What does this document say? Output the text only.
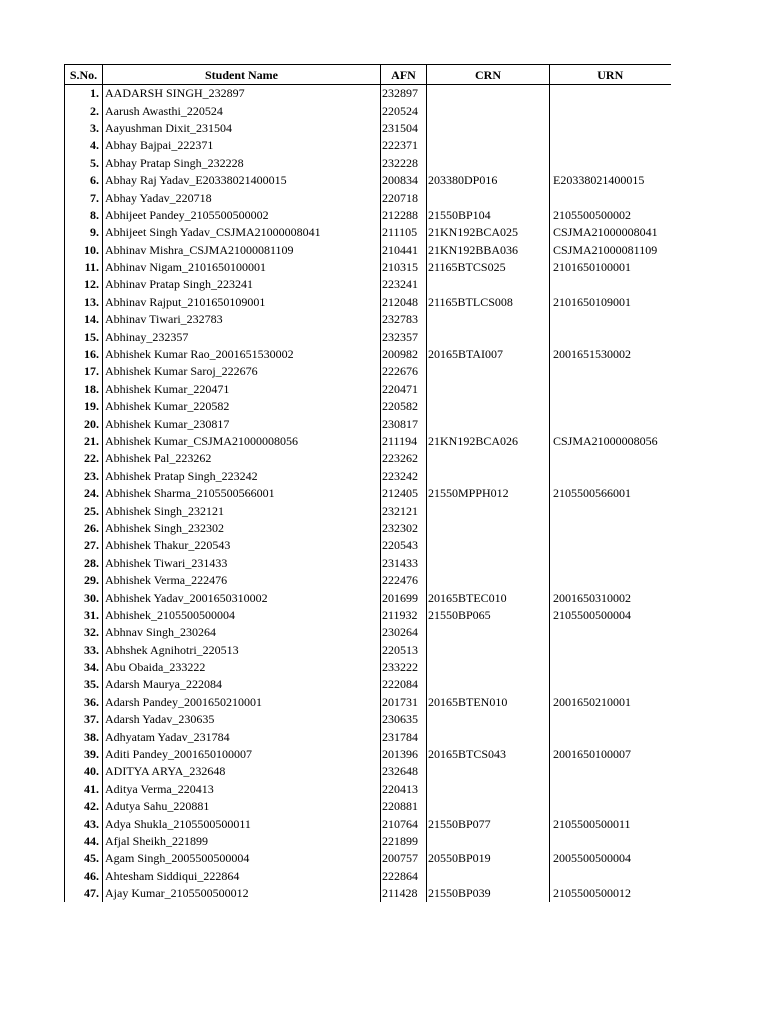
S.No.	Student Name	AFN	CRN	URN
1.	AADARSH SINGH_232897	232897		
2.	Aarush Awasthi_220524	220524		
3.	Aayushman Dixit_231504	231504		
4.	Abhay Bajpai_222371	222371		
5.	Abhay Pratap Singh_232228	232228		
6.	Abhay Raj Yadav_E20338021400015	200834	203380DP016	E20338021400015
7.	Abhay Yadav_220718	220718		
8.	Abhijeet Pandey_2105500500002	212288	21550BP104	2105500500002
9.	Abhijeet Singh Yadav_CSJMA21000008041	211105	21KN192BCA025	CSJMA21000008041
10.	Abhinav Mishra_CSJMA21000081109	210441	21KN192BBA036	CSJMA21000081109
11.	Abhinav Nigam_2101650100001	210315	21165BTCS025	2101650100001
12.	Abhinav Pratap Singh_223241	223241		
13.	Abhinav Rajput_2101650109001	212048	21165BTLCS008	2101650109001
14.	Abhinav Tiwari_232783	232783		
15.	Abhinay_232357	232357		
16.	Abhishek Kumar Rao_2001651530002	200982	20165BTAI007	2001651530002
17.	Abhishek Kumar Saroj_222676	222676		
18.	Abhishek Kumar_220471	220471		
19.	Abhishek Kumar_220582	220582		
20.	Abhishek Kumar_230817	230817		
21.	Abhishek Kumar_CSJMA21000008056	211194	21KN192BCA026	CSJMA21000008056
22.	Abhishek Pal_223262	223262		
23.	Abhishek Pratap Singh_223242	223242		
24.	Abhishek Sharma_2105500566001	212405	21550MPPH012	2105500566001
25.	Abhishek Singh_232121	232121		
26.	Abhishek Singh_232302	232302		
27.	Abhishek Thakur_220543	220543		
28.	Abhishek Tiwari_231433	231433		
29.	Abhishek Verma_222476	222476		
30.	Abhishek Yadav_2001650310002	201699	20165BTEC010	2001650310002
31.	Abhishek_2105500500004	211932	21550BP065	2105500500004
32.	Abhnav Singh_230264	230264		
33.	Abhshek Agnihotri_220513	220513		
34.	Abu Obaida_233222	233222		
35.	Adarsh Maurya_222084	222084		
36.	Adarsh Pandey_2001650210001	201731	20165BTEN010	2001650210001
37.	Adarsh Yadav_230635	230635		
38.	Adhyatam Yadav_231784	231784		
39.	Aditi Pandey_2001650100007	201396	20165BTCS043	2001650100007
40.	ADITYA ARYA_232648	232648		
41.	Aditya Verma_220413	220413		
42.	Adutya Sahu_220881	220881		
43.	Adya Shukla_2105500500011	210764	21550BP077	2105500500011
44.	Afjal Sheikh_221899	221899		
45.	Agam Singh_2005500500004	200757	20550BP019	2005500500004
46.	Ahtesham Siddiqui_222864	222864		
47.	Ajay Kumar_2105500500012	211428	21550BP039	2105500500012
